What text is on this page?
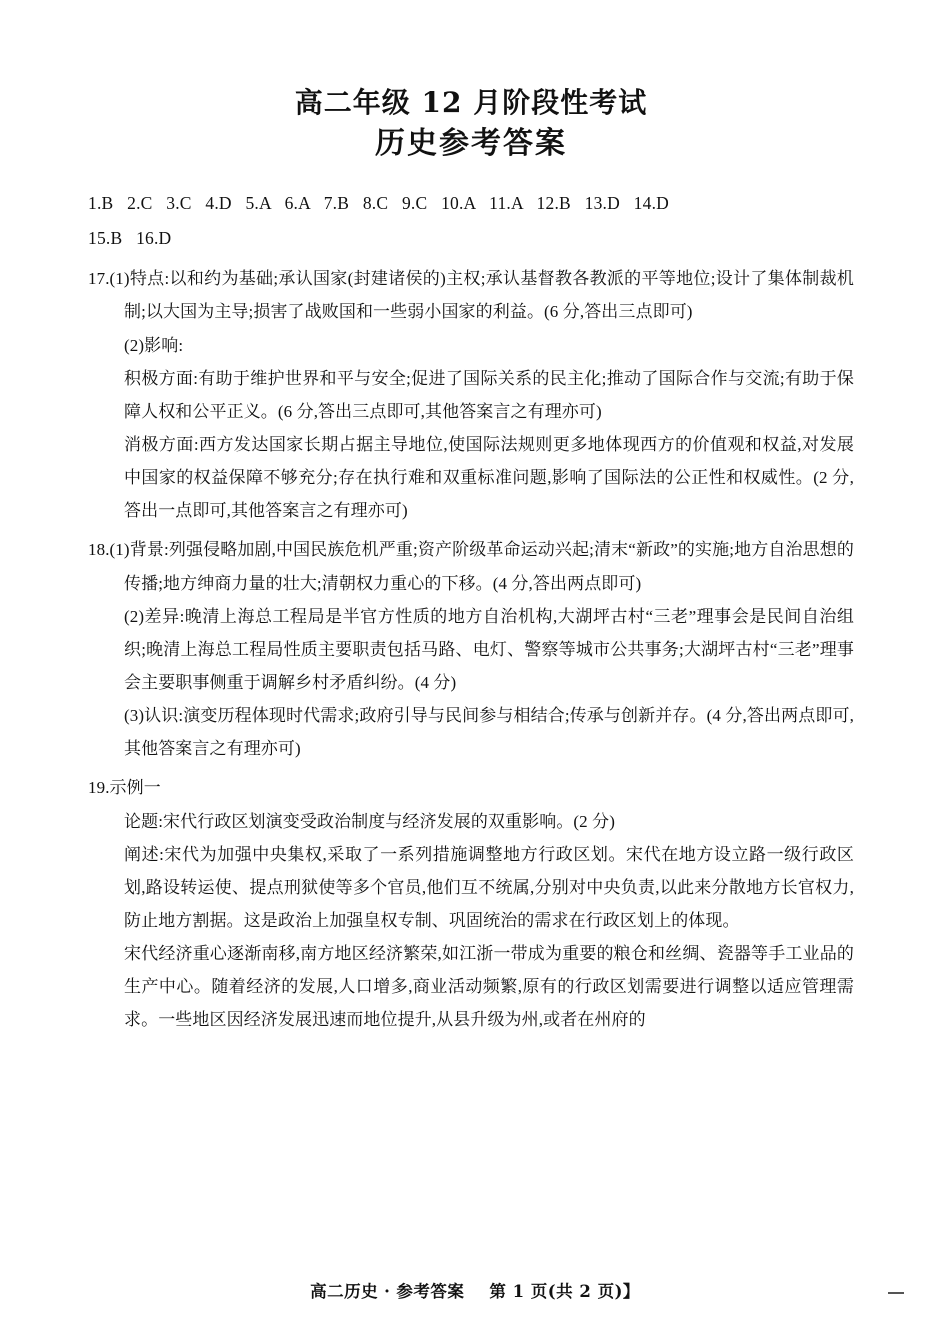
高二年级 12 月阶段性考试
历史参考答案
1.B   2.C   3.C   4.D   5.A   6.A   7.B   8.C   9.C   10.A   11.A   12.B   13.D   14.D
15.B   16.D
17.(1)特点:以和约为基础;承认国家(封建诸侯的)主权;承认基督教各教派的平等地位;设计了集体制裁机制;以大国为主导;损害了战败国和一些弱小国家的利益。(6 分,答出三点即可)
(2)影响:
积极方面:有助于维护世界和平与安全;促进了国际关系的民主化;推动了国际合作与交流;有助于保障人权和公平正义。(6 分,答出三点即可,其他答案言之有理亦可)
消极方面:西方发达国家长期占据主导地位,使国际法规则更多地体现西方的价值观和权益,对发展中国家的权益保障不够充分;存在执行难和双重标准问题,影响了国际法的公正性和权威性。(2 分,答出一点即可,其他答案言之有理亦可)
18.(1)背景:列强侵略加剧,中国民族危机严重;资产阶级革命运动兴起;清末“新政”的实施;地方自治思想的传播;地方绅商力量的壮大;清朝权力重心的下移。(4 分,答出两点即可)
(2)差异:晚清上海总工程局是半官方性质的地方自治机构,大湖坪古村“三老”理事会是民间自治组织;晚清上海总工程局性质主要职责包括马路、电灯、警察等城市公共事务;大湖坪古村“三老”理事会主要职事侧重于调解乡村矛盾纠纷。(4 分)
(3)认识:演变历程体现时代需求;政府引导与民间参与相结合;传承与创新并存。(4 分,答出两点即可,其他答案言之有理亦可)
19.示例一
论题:宋代行政区划演变受政治制度与经济发展的双重影响。(2 分)
阐述:宋代为加强中央集权,采取了一系列措施调整地方行政区划。宋代在地方设立路一级行政区划,路设转运使、提点刑狱使等多个官员,他们互不统属,分别对中央负责,以此来分散地方长官权力,防止地方割据。这是政治上加强皇权专制、巩固统治的需求在行政区划上的体现。
宋代经济重心逐渐南移,南方地区经济繁荣,如江浙一带成为重要的粮仓和丝绸、瓷器等手工业品的生产中心。随着经济的发展,人口增多,商业活动频繁,原有的行政区划需要进行调整以适应管理需求。一些地区因经济发展迅速而地位提升,从县升级为州,或者在州府的
高二历史 · 参考答案 第 1 页(共 2 页)】
